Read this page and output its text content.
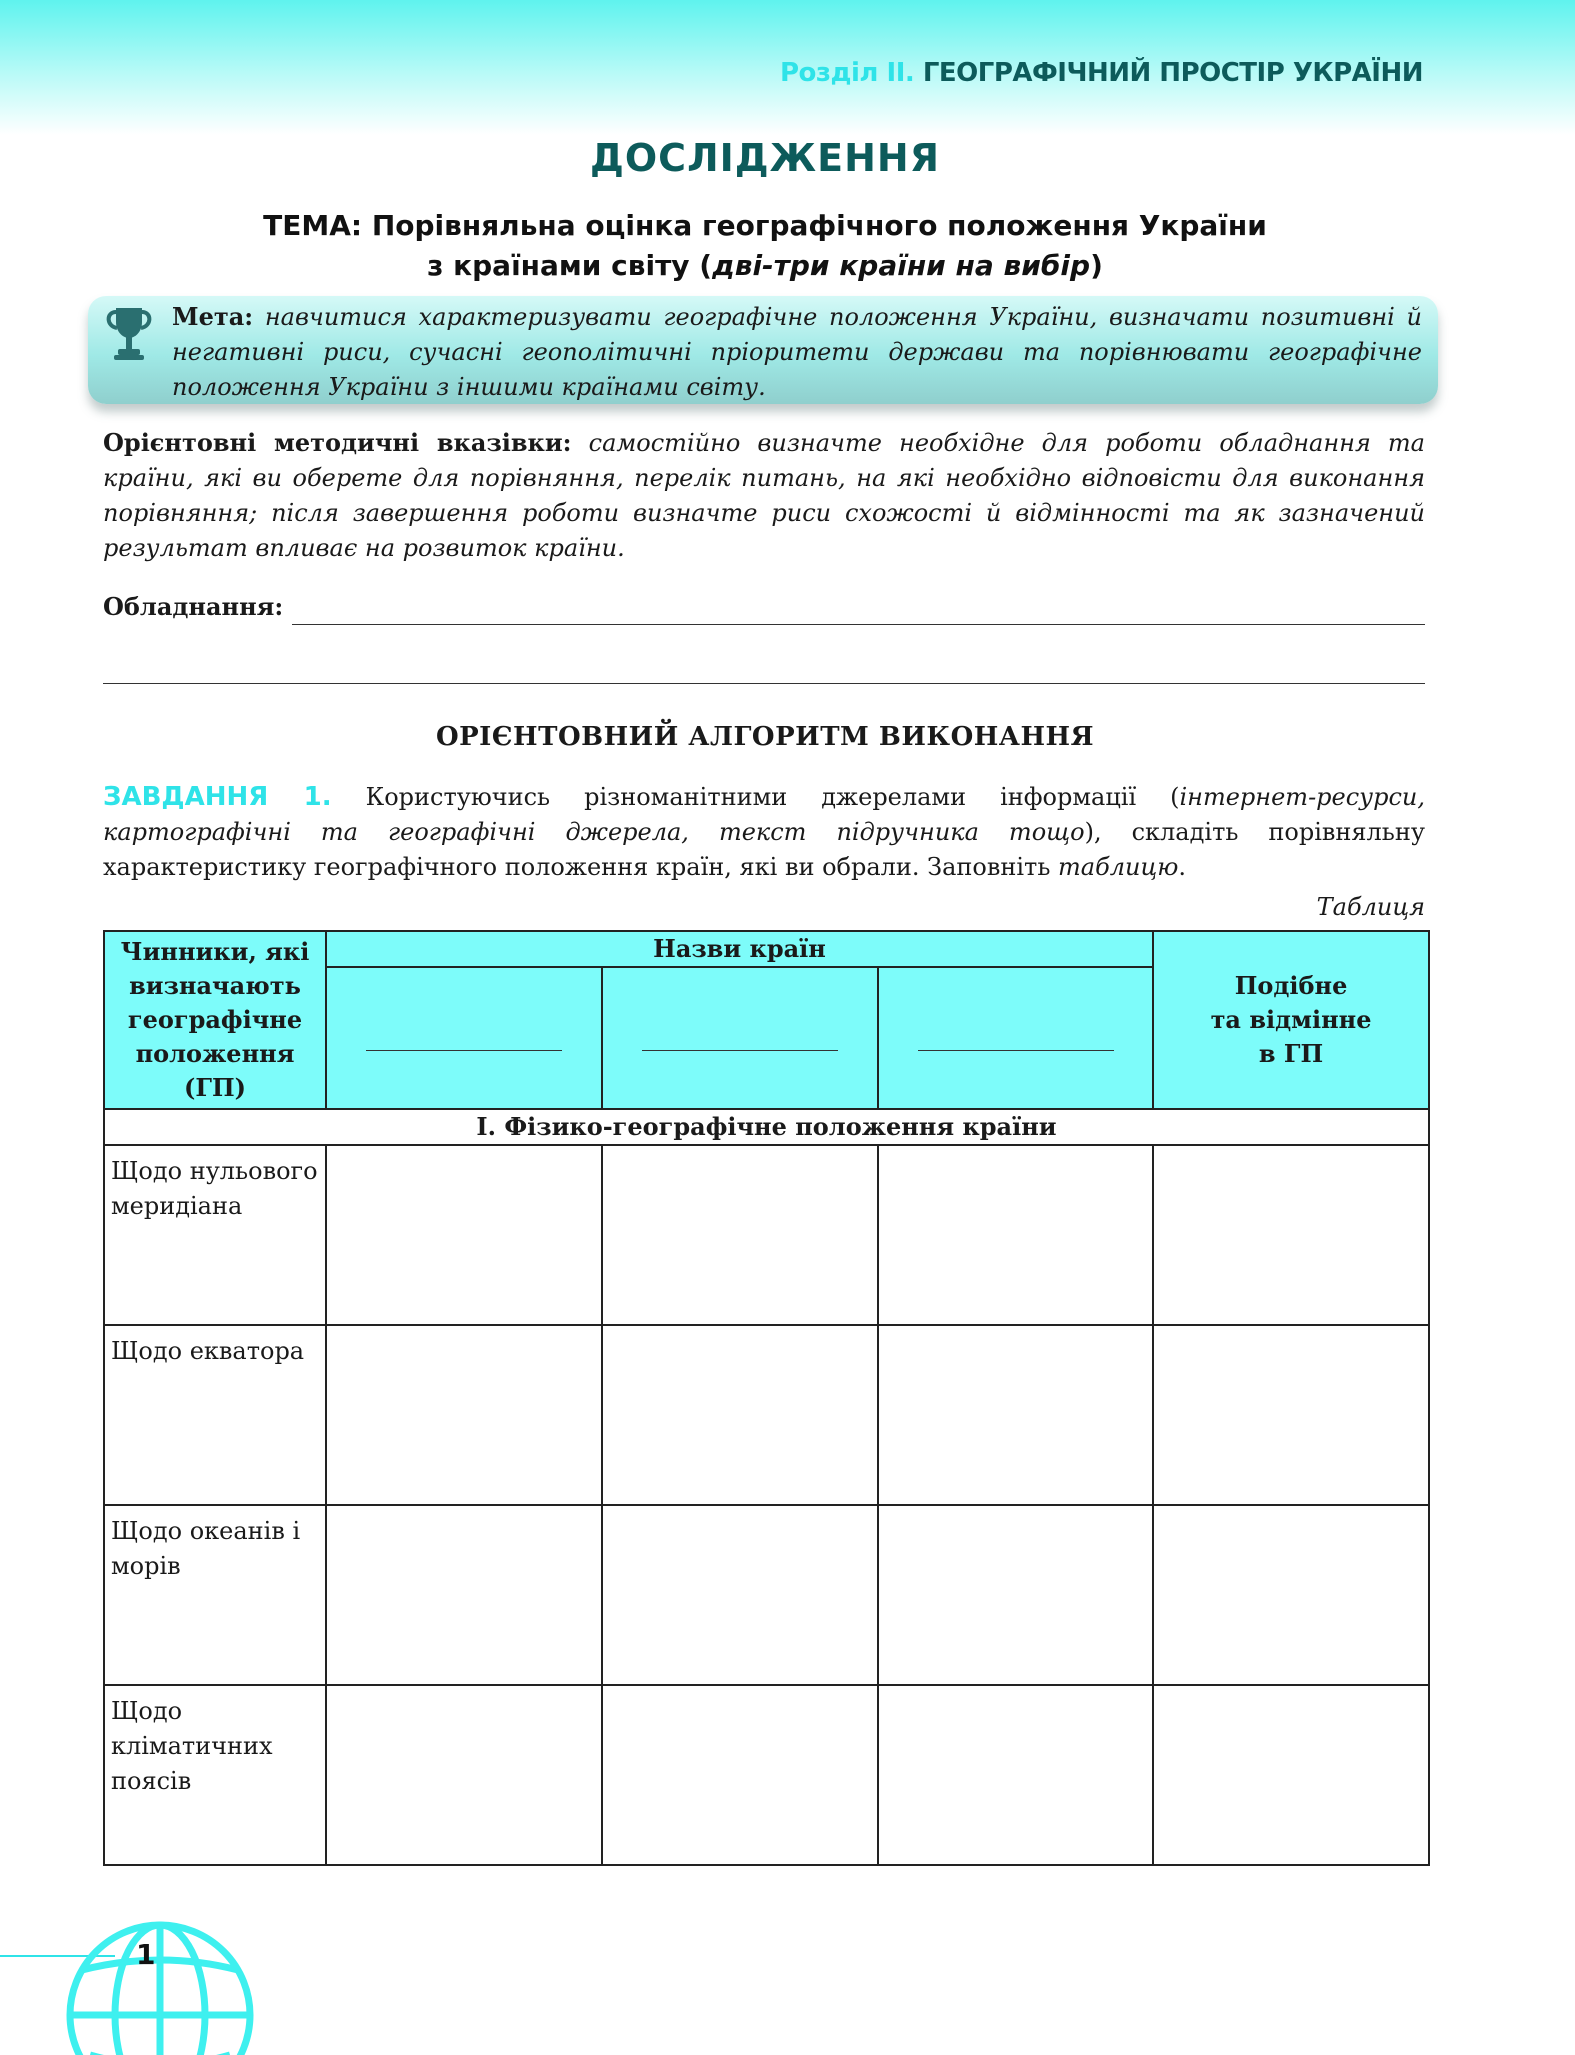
Розділ ІІ. ГЕОГРАФІЧНИЙ ПРОСТІР УКРАЇНИ
ДОСЛІДЖЕННЯ
ТЕМА: Порівняльна оцінка географічного положення України
з країнами світу (дві-три країни на вибір)
Мета: навчитися характеризувати географічне положення України, визначати позитивні й негативні риси, сучасні геополітичні пріоритети держави та порівнювати географічне положення України з іншими країнами світу.
Орієнтовні методичні вказівки: самостійно визначте необхідне для роботи обладнання та країни, які ви оберете для порівняння, перелік питань, на які необхідно відповісти для виконання порівняння; після завершення роботи визначте риси схожості й відмінності та як зазначений результат впливає на розвиток країни.
Обладнання:
ОРІЄНТОВНИЙ АЛГОРИТМ ВИКОНАННЯ
ЗАВДАННЯ 1. Користуючись різноманітними джерелами інформації (інтернет-ресурси, картографічні та географічні джерела, текст підручника тощо), складіть порівняльну характеристику географічного положення країн, які ви обрали. Заповніть таблицю.
Таблиця
Чинники, які визначають географічне положення (ГП)	Назви країн			Подібне
та відмінне
в ГП

I. Фізико-географічне положення країни				
Щодо нульового меридіана				
Щодо екватора				
Щодо океанів і морів				
Щодо кліматичних поясів				
1
